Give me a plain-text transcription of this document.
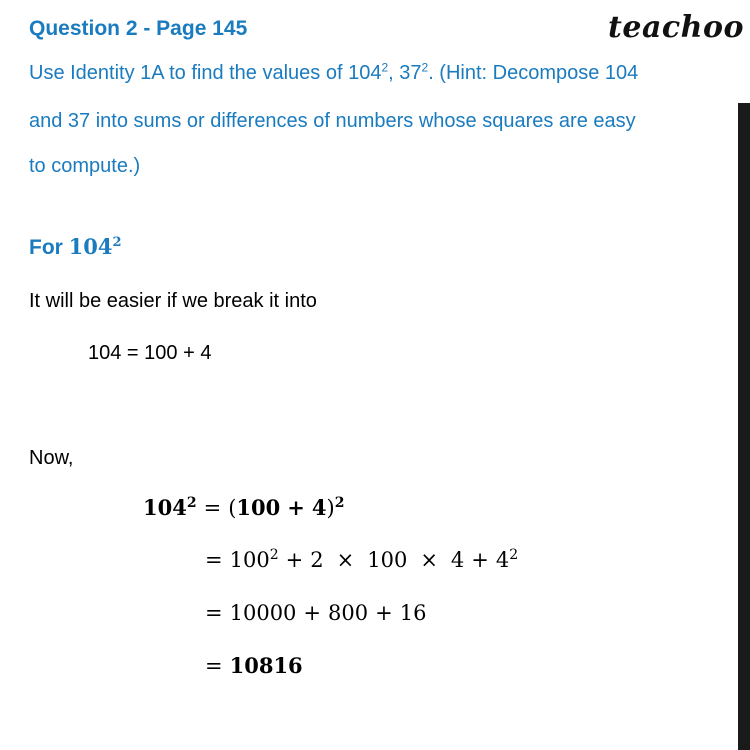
Question 2 - Page 145	teachoo
Use Identity 1A to find the values of $104^2$, $37^2$. (Hint: Decompose 104
and 37 into sums or differences of numbers whose squares are easy
to compute.)
For $104^2$
It will be easier if we break it into
104 = 100 + 4
Now,
$104^2 = (100 + 4)^2$
= $100^2 + 2 \times 100 \times 4 + 4^2$
= 10000 + 800 + 16
= 10816
